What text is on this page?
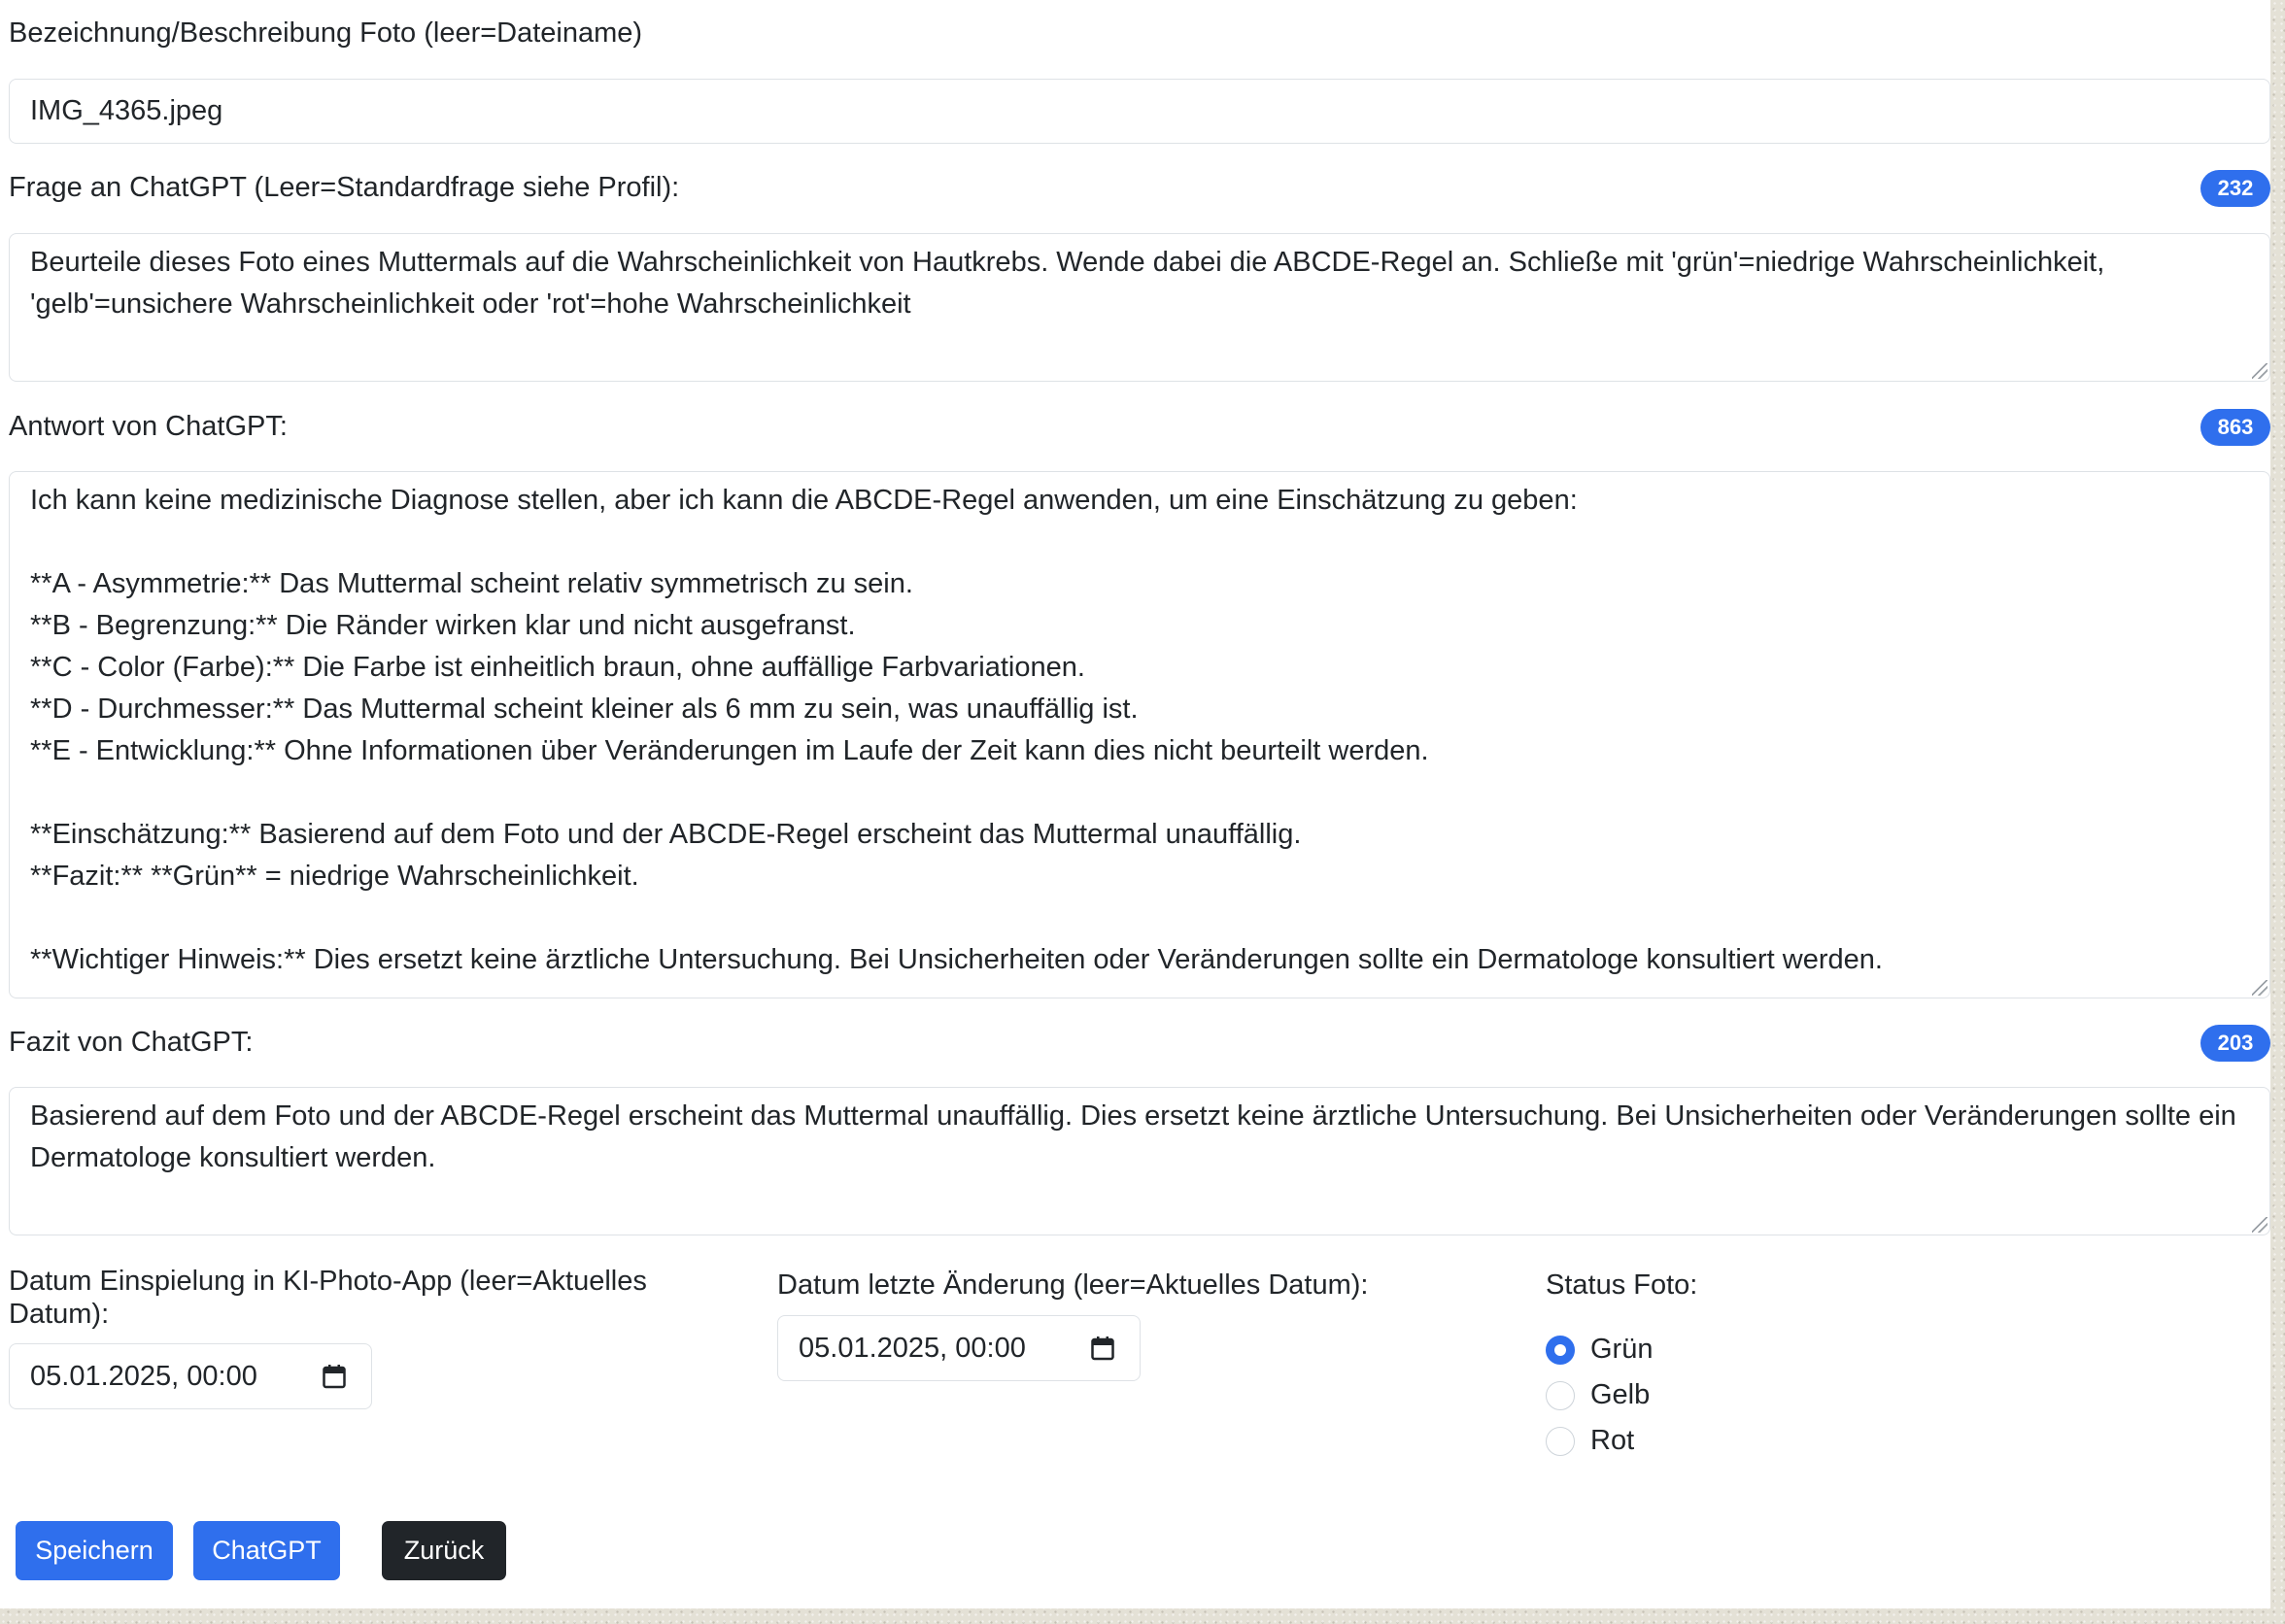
Bezeichnung/Beschreibung Foto (leer=Dateiname)
IMG_4365.jpeg
Frage an ChatGPT (Leer=Standardfrage siehe Profil):	232
Beurteile dieses Foto eines Muttermals auf die Wahrscheinlichkeit von Hautkrebs. Wende dabei die ABCDE-Regel an. Schließe mit 'grün'=niedrige Wahrscheinlichkeit, 'gelb'=unsichere Wahrscheinlichkeit oder 'rot'=hohe Wahrscheinlichkeit
Antwort von ChatGPT:	863
Ich kann keine medizinische Diagnose stellen, aber ich kann die ABCDE-Regel anwenden, um eine Einschätzung zu geben: **A - Asymmetrie:** Das Muttermal scheint relativ symmetrisch zu sein. **B - Begrenzung:** Die Ränder wirken klar und nicht ausgefranst. **C - Color (Farbe):** Die Farbe ist einheitlich braun, ohne auffällige Farbvariationen. **D - Durchmesser:** Das Muttermal scheint kleiner als 6 mm zu sein, was unauffällig ist. **E - Entwicklung:** Ohne Informationen über Veränderungen im Laufe der Zeit kann dies nicht beurteilt werden. **Einschätzung:** Basierend auf dem Foto und der ABCDE-Regel erscheint das Muttermal unauffällig. **Fazit:** **Grün** = niedrige Wahrscheinlichkeit. **Wichtiger Hinweis:** Dies ersetzt keine ärztliche Untersuchung. Bei Unsicherheiten oder Veränderungen sollte ein Dermatologe konsultiert werden.
Fazit von ChatGPT:	203
Basierend auf dem Foto und der ABCDE-Regel erscheint das Muttermal unauffällig. Dies ersetzt keine ärztliche Untersuchung. Bei Unsicherheiten oder Veränderungen sollte ein Dermatologe konsultiert werden.
Datum Einspielung in KI-Photo-App (leer=Aktuelles Datum):
05.01.2025, 00:00
Datum letzte Änderung (leer=Aktuelles Datum):
05.01.2025, 00:00
Status Foto:
Grün
Gelb
Rot
Speichern	ChatGPT	Zurück
